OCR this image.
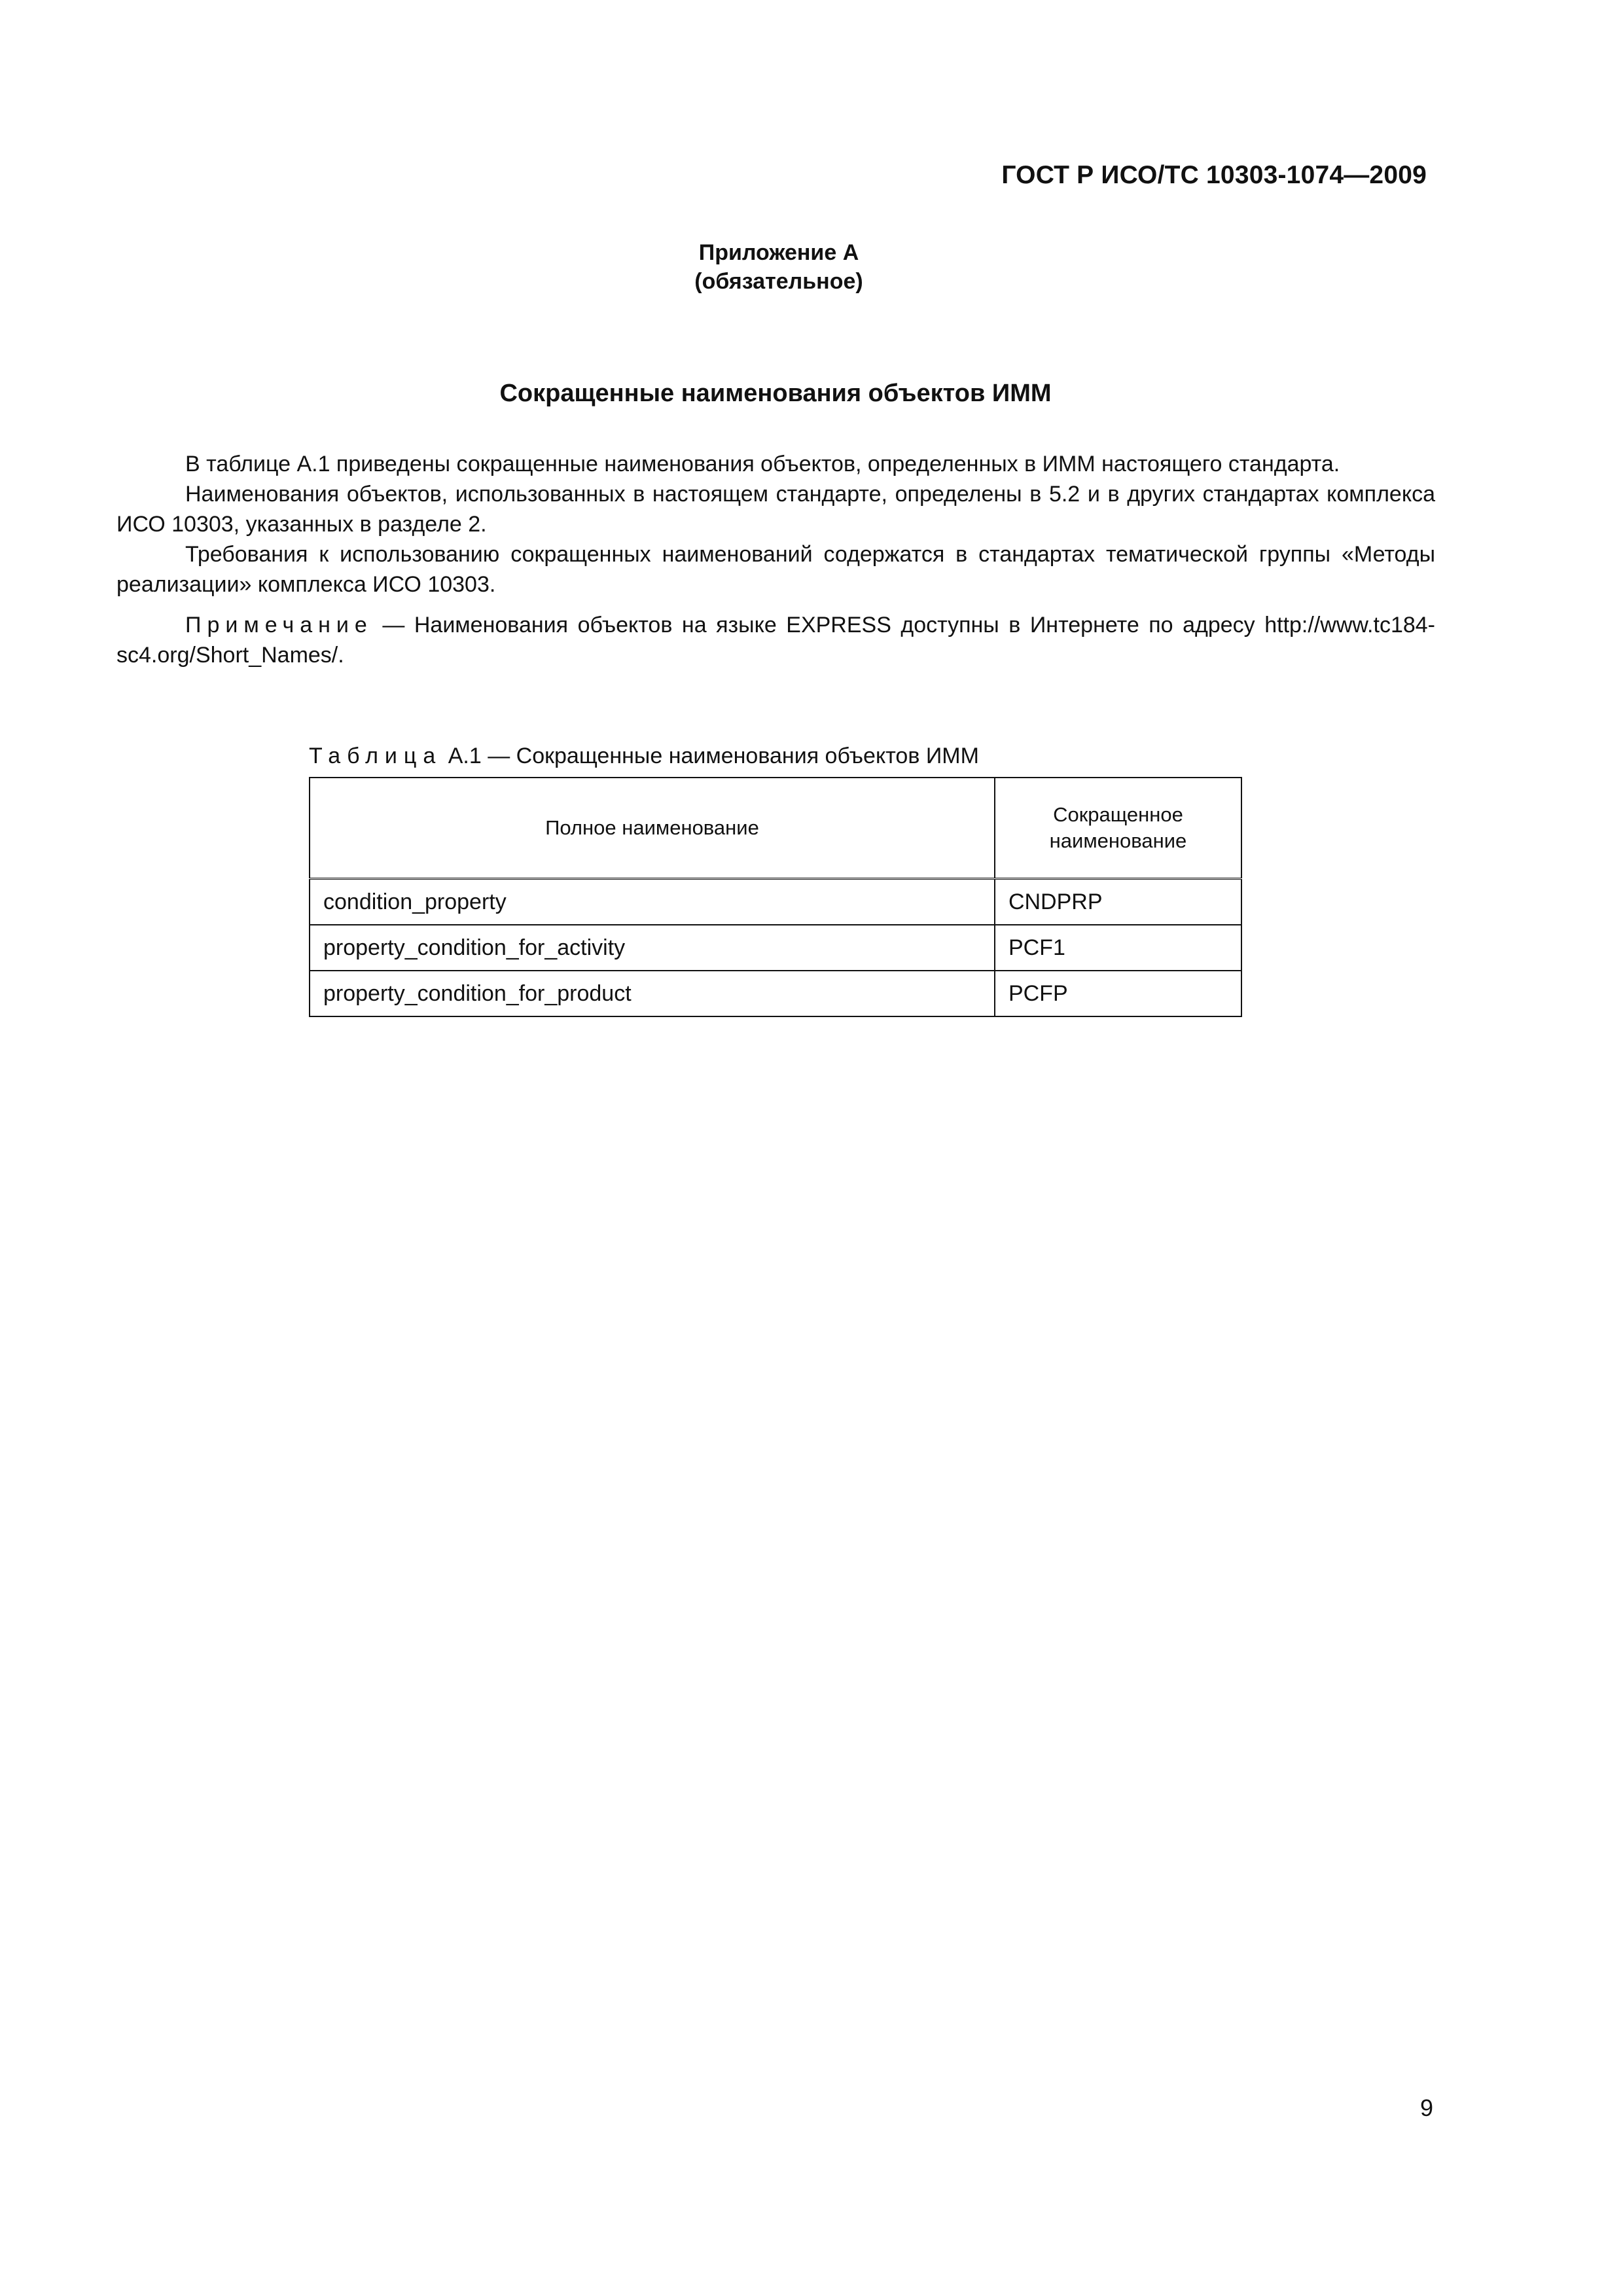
ГОСТ Р ИСО/ТС 10303-1074—2009
Приложение А
(обязательное)
Сокращенные наименования объектов ИММ

В таблице А.1 приведены сокращенные наименования объектов, определенных в ИММ настоящего стандарта.

Наименования объектов, использованных в настоящем стандарте, определены в 5.2 и в других стандартах комплекса ИСО 10303, указанных в разделе 2.

Требования к использованию сокращенных наименований содержатся в стандартах тематической группы «Методы реализации» комплекса ИСО 10303.

Примечание — Наименования объектов на языке EXPRESS доступны в Интернете по адресу http://www.tc184-sc4.org/Short_Names/.

Таблица А.1 — Сокращенные наименования объектов ИММ
Полное наименование	Сокращенное
наименование

condition_property	CNDPRP
property_condition_for_activity	PCF1
property_condition_for_product	PCFP
9
